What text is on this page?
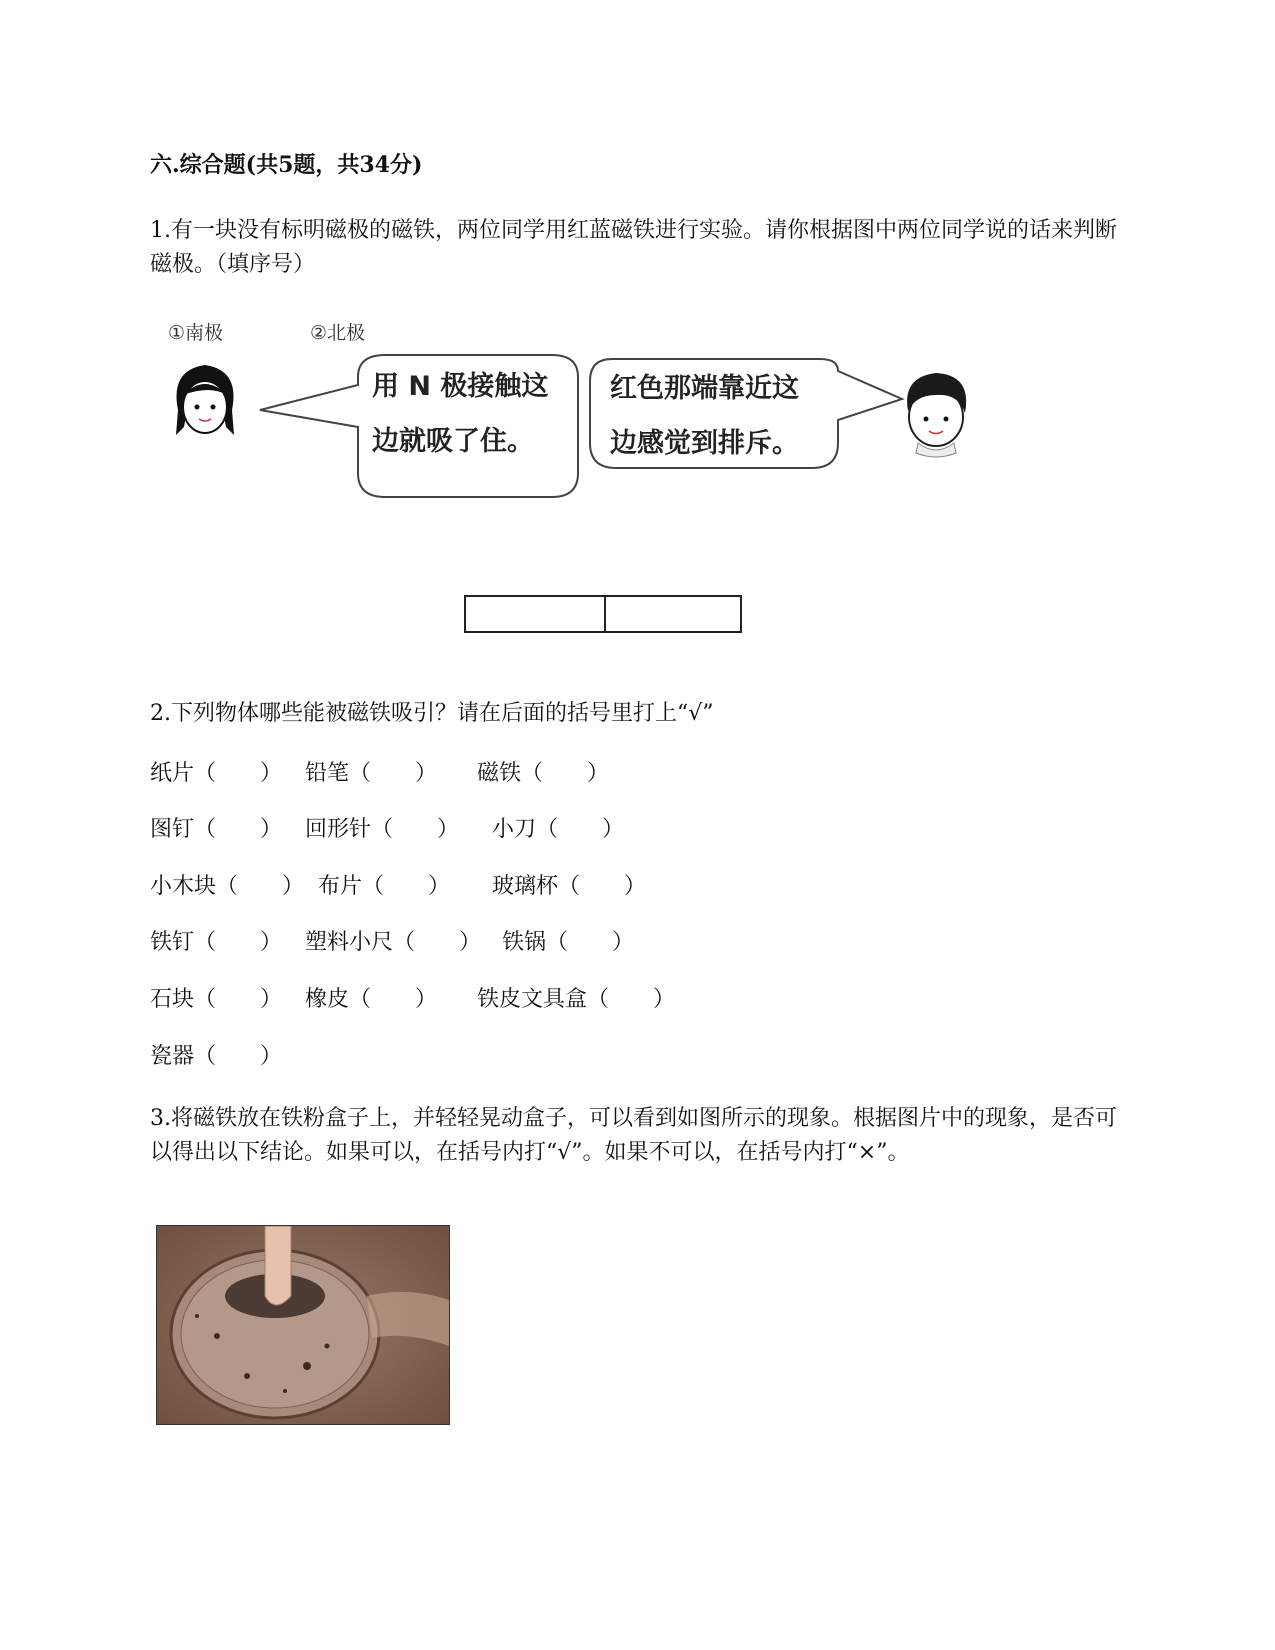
六.综合题(共5题，共34分)
1.有一块没有标明磁极的磁铁，两位同学用红蓝磁铁进行实验。请你根据图中两位同学说的话来判断磁极。（填序号）
①南极	②北极
用 N 极接触这
边就吸了住。
红色那端靠近这
边感觉到排斥。
2.下列物体哪些能被磁铁吸引？请在后面的括号里打上“√”
纸片（　　） 铅笔（　　） 磁铁（　　）
图钉（　　） 回形针（　　） 小刀（　　）
小木块（　　） 布片（　　） 玻璃杯（　　）
铁钉（　　） 塑料小尺（　　） 铁锅（　　）
石块（　　） 橡皮（　　） 铁皮文具盒（　　）
瓷器（　　）
3.将磁铁放在铁粉盒子上，并轻轻晃动盒子，可以看到如图所示的现象。根据图片中的现象，是否可以得出以下结论。如果可以，在括号内打“√”。如果不可以，在括号内打“×”。
